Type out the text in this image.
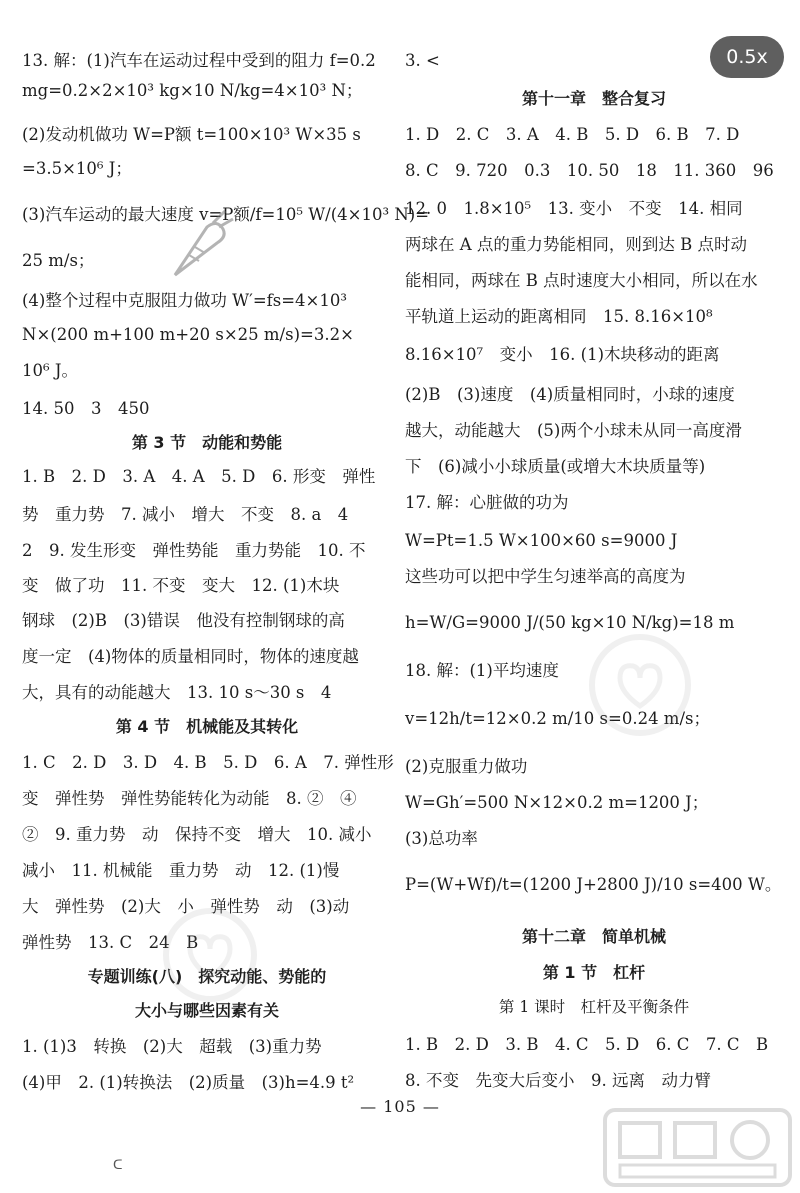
13. 解：(1)汽车在运动过程中受到的阻力 f=0.2
mg=0.2×2×10³ kg×10 N/kg=4×10³ N；
(2)发动机做功 W=P额 t=100×10³ W×35 s
=3.5×10⁶ J；
(3)汽车运动的最大速度 v=P额/f=10⁵ W/(4×10³ N)=
25 m/s；
(4)整个过程中克服阻力做功 W′=fs=4×10³
N×(200 m+100 m+20 s×25 m/s)=3.2×
10⁶ J。
14. 50　3　450
第 3 节　动能和势能
1. B　2. D　3. A　4. A　5. D　6. 形变　弹性
势　重力势　7. 减小　增大　不变　8. a　4
2　9. 发生形变　弹性势能　重力势能　10. 不
变　做了功　11. 不变　变大　12. (1)木块
钢球　(2)B　(3)错误　他没有控制钢球的高
度一定　(4)物体的质量相同时，物体的速度越
大，具有的动能越大　13. 10 s～30 s　4
第 4 节　机械能及其转化
1. C　2. D　3. D　4. B　5. D　6. A　7. 弹性形
变　弹性势　弹性势能转化为动能　8. ②　④
②　9. 重力势　动　保持不变　增大　10. 减小
减小　11. 机械能　重力势　动　12. (1)慢
大　弹性势　(2)大　小　弹性势　动　(3)动
弹性势　13. C　24　B
专题训练(八)　探究动能、势能的
大小与哪些因素有关
1. (1)3　转换　(2)大　超载　(3)重力势
(4)甲　2. (1)转换法　(2)质量　(3)h=4.9 t²
3. <
第十一章　整合复习
1. D　2. C　3. A　4. B　5. D　6. B　7. D
8. C　9. 720　0.3　10. 50　18　11. 360　96
12. 0　1.8×10⁵　13. 变小　不变　14. 相同
两球在 A 点的重力势能相同，则到达 B 点时动
能相同，两球在 B 点时速度大小相同，所以在水
平轨道上运动的距离相同　15. 8.16×10⁸
8.16×10⁷　变小　16. (1)木块移动的距离
(2)B　(3)速度　(4)质量相同时，小球的速度
越大，动能越大　(5)两个小球未从同一高度滑
下　(6)减小小球质量(或增大木块质量等)
17. 解：心脏做的功为
W=Pt=1.5 W×100×60 s=9000 J
这些功可以把中学生匀速举高的高度为
h=W/G=9000 J/(50 kg×10 N/kg)=18 m
18. 解：(1)平均速度
v=12h/t=12×0.2 m/10 s=0.24 m/s；
(2)克服重力做功
W=Gh′=500 N×12×0.2 m=1200 J；
(3)总功率
P=(W+Wf)/t=(1200 J+2800 J)/10 s=400 W。
第十二章　简单机械
第 1 节　杠杆
第 1 课时　杠杆及平衡条件
1. B　2. D　3. B　4. C　5. D　6. C　7. C　B
8. 不变　先变大后变小　9. 远离　动力臂
— 105 —
0.5x
ᑕ
